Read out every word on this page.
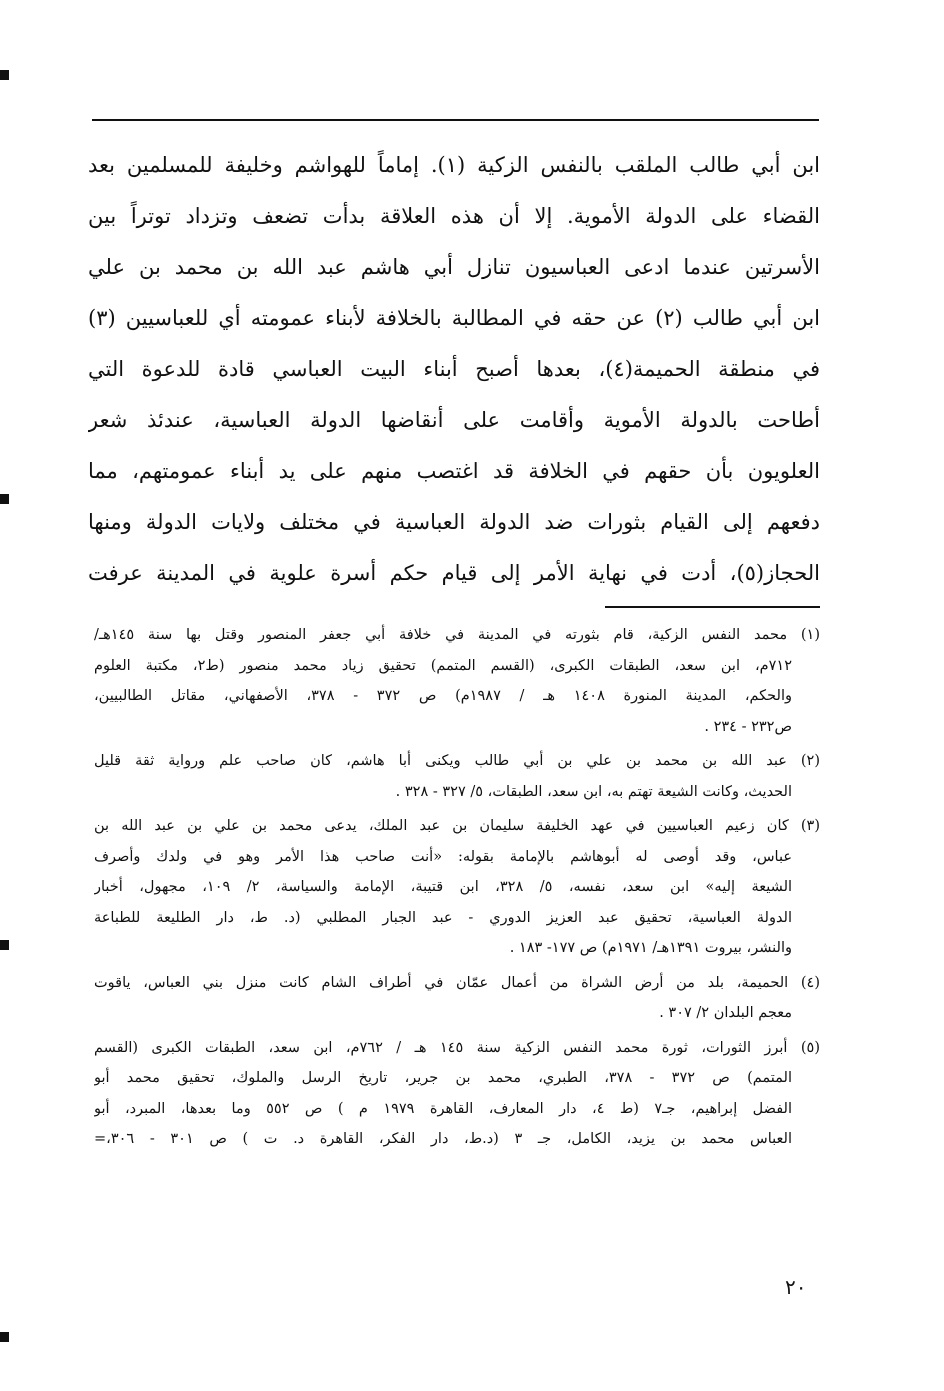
ابن أبي طالب الملقب بالنفس الزكية (١). إماماً للهواشم وخليفة للمسلمين بعد
القضاء على الدولة الأموية. إلا أن هذه العلاقة بدأت تضعف وتزداد توتراً بين
الأسرتين عندما ادعى العباسيون تنازل أبي هاشم عبد الله بن محمد بن علي
ابن أبي طالب (٢) عن حقه في المطالبة بالخلافة لأبناء عمومته أي للعباسيين (٣)
في منطقة الحميمة(٤)، بعدها أصبح أبناء البيت العباسي قادة للدعوة التي
أطاحت بالدولة الأموية وأقامت على أنقاضها الدولة العباسية، عندئذ شعر
العلويون بأن حقهم في الخلافة قد اغتصب منهم على يد أبناء عمومتهم، مما
دفعهم إلى القيام بثورات ضد الدولة العباسية في مختلف ولايات الدولة ومنها
الحجاز(٥)، أدت في نهاية الأمر إلى قيام حكم أسرة علوية في المدينة عرفت
(١) محمد النفس الزكية، قام بثورته في المدينة في خلافة أبي جعفر المنصور وقتل بها سنة ١٤٥هـ/
٧١٢م، ابن سعد، الطبقات الكبرى، (القسم المتمم) تحقيق زياد محمد منصور (ط٢، مكتبة العلوم
والحكم، المدينة المنورة ١٤٠٨ هـ / ١٩٨٧م) ص ٣٧٢ - ٣٧٨، الأصفهاني، مقاتل الطالبيين،
ص٢٣٢ - ٢٣٤ .
(٢) عبد الله بن محمد بن علي بن أبي طالب ويكنى أبا هاشم، كان صاحب علم ورواية ثقة قليل
الحديث، وكانت الشيعة تهتم به، ابن سعد، الطبقات، ٥/ ٣٢٧ - ٣٢٨ .
(٣) كان زعيم العباسيين في عهد الخليفة سليمان بن عبد الملك، يدعى محمد بن علي بن عبد الله بن
عباس، وقد أوصى له أبوهاشم بالإمامة بقوله: «أنت صاحب هذا الأمر وهو في ولدك وأصرف
الشيعة إليه» ابن سعد، نفسه، ٥/ ٣٢٨، ابن قتيبة، الإمامة والسياسة، ٢/ ١٠٩، مجهول، أخبار
الدولة العباسية، تحقيق عبد العزيز الدوري - عبد الجبار المطلبي (د. ط، دار الطليعة للطباعة
والنشر، بيروت ١٣٩١هـ/ ١٩٧١م) ص ١٧٧- ١٨٣ .
(٤) الحميمة، بلد من أرض الشراة من أعمال عمّان في أطراف الشام كانت منزل بني العباس، ياقوت
معجم البلدان ٢/ ٣٠٧ .
(٥) أبرز الثورات، ثورة محمد النفس الزكية سنة ١٤٥ هـ / ٧٦٢م، ابن سعد، الطبقات الكبرى (القسم
المتمم) ص ٣٧٢ - ٣٧٨، الطبري، محمد بن جرير، تاريخ الرسل والملوك، تحقيق محمد أبو
الفضل إبراهيم، جـ٧ (ط ٤، دار المعارف، القاهرة ١٩٧٩ م ) ص ٥٥٢ وما بعدها، المبرد، أبو
العباس محمد بن يزيد، الكامل، جـ ٣ (د.ط، دار الفكر، القاهرة د. ت ) ص ٣٠١ - ٣٠٦،=
٢٠
